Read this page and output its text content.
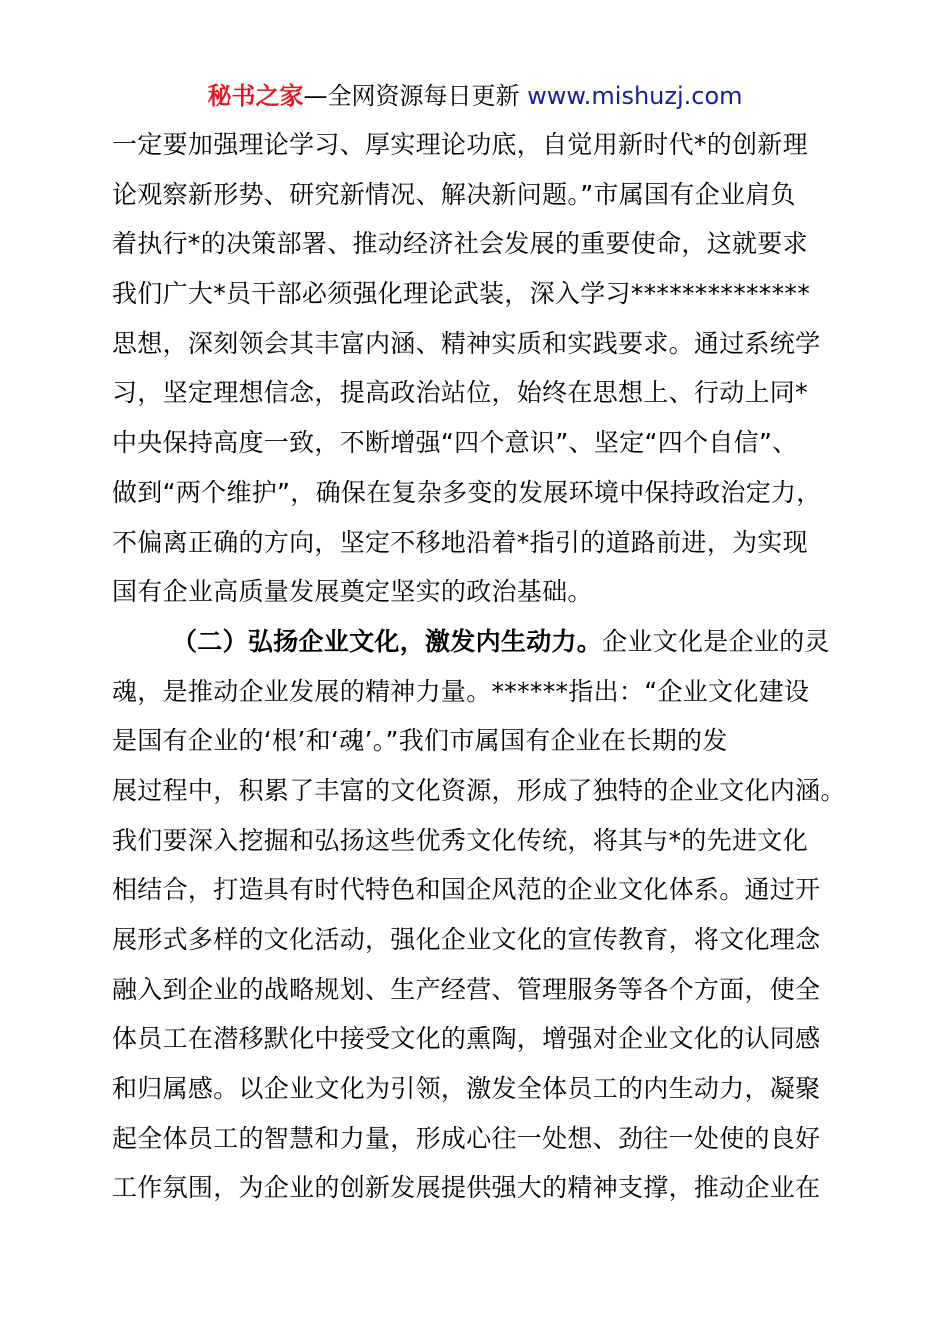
秘书之家—全网资源每日更新 www.mishuzj.com
一定要加强理论学习、厚实理论功底，自觉用新时代*的创新理
论观察新形势、研究新情况、解决新问题。”市属国有企业肩负
着执行*的决策部署、推动经济社会发展的重要使命，这就要求
我们广大*员干部必须强化理论武装，深入学习**************
思想，深刻领会其丰富内涵、精神实质和实践要求。通过系统学
习，坚定理想信念，提高政治站位，始终在思想上、行动上同*
中央保持高度一致，不断增强“四个意识”、坚定“四个自信”、
做到“两个维护”，确保在复杂多变的发展环境中保持政治定力，
不偏离正确的方向，坚定不移地沿着*指引的道路前进，为实现
国有企业高质量发展奠定坚实的政治基础。
（二）弘扬企业文化，激发内生动力。企业文化是企业的灵
魂，是推动企业发展的精神力量。******指出：“企业文化建设
是国有企业的‘根’和‘魂’。”我们市属国有企业在长期的发
展过程中，积累了丰富的文化资源，形成了独特的企业文化内涵。
我们要深入挖掘和弘扬这些优秀文化传统，将其与*的先进文化
相结合，打造具有时代特色和国企风范的企业文化体系。通过开
展形式多样的文化活动，强化企业文化的宣传教育，将文化理念
融入到企业的战略规划、生产经营、管理服务等各个方面，使全
体员工在潜移默化中接受文化的熏陶，增强对企业文化的认同感
和归属感。以企业文化为引领，激发全体员工的内生动力，凝聚
起全体员工的智慧和力量，形成心往一处想、劲往一处使的良好
工作氛围，为企业的创新发展提供强大的精神支撑，推动企业在
